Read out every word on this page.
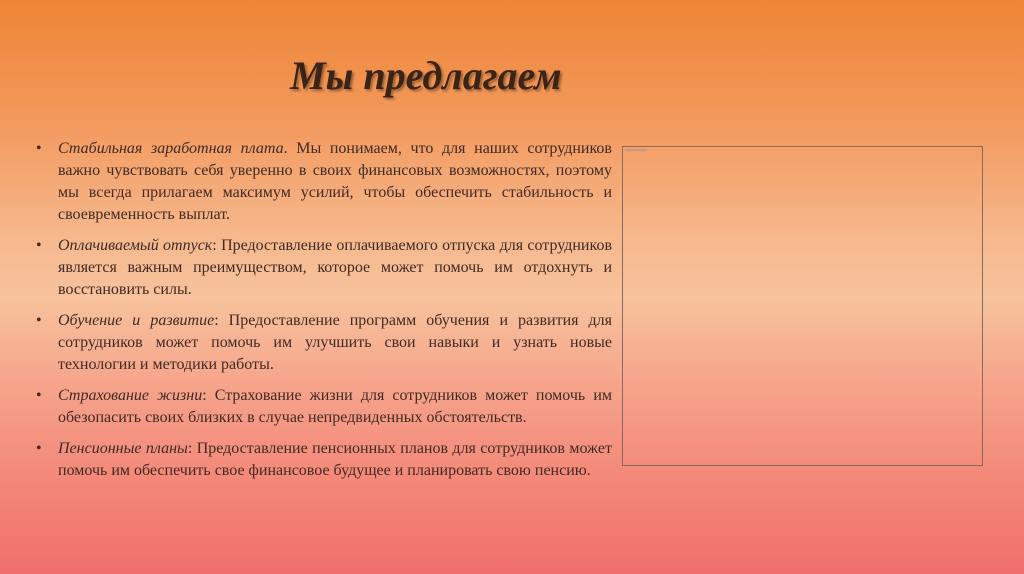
Мы предлагаем
• Стабильная заработная плата. Мы понимаем, что для наших сотрудников важно чувствовать себя уверенно в своих финансовых возможностях, поэтому мы всегда прилагаем максимум усилий, чтобы обеспечить стабильность и своевременность выплат.
• Оплачиваемый отпуск: Предоставление оплачиваемого отпуска для сотрудников является важным преимуществом, которое может помочь им отдохнуть и восстановить силы.
• Обучение и развитие: Предоставление программ обучения и развития для сотрудников может помочь им улучшить свои навыки и узнать новые технологии и методики работы.
• Страхование жизни: Страхование жизни для сотрудников может помочь им обезопасить своих близких в случае непредвиденных обстоятельств.
• Пенсионные планы: Предоставление пенсионных планов для сотрудников может помочь им обеспечить свое финансовое будущее и планировать свою пенсию.
